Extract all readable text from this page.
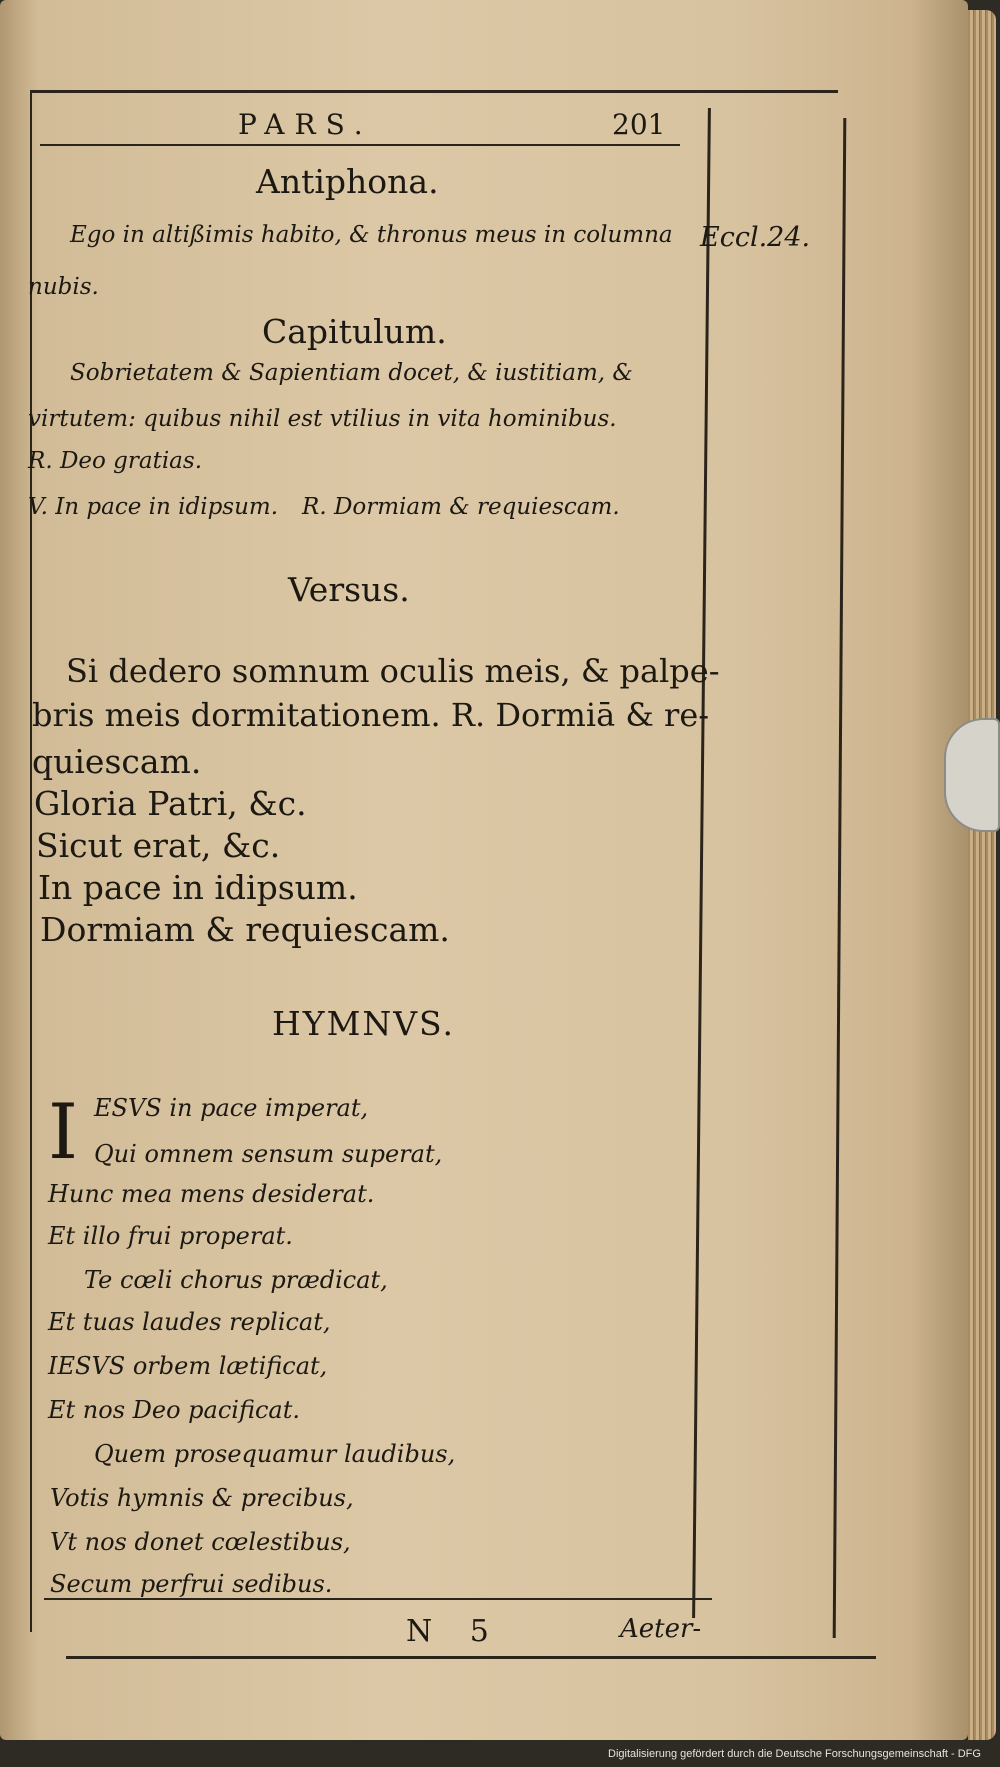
PARS.	201
Antiphona.
Ego in altißimis habito, & thronus meus in columna
nubis.
Eccl.24.
Capitulum.
Sobrietatem & Sapientiam docet, & iustitiam, &
virtutem: quibus nihil est vtilius in vita hominibus.
R. Deo gratias.
V. In pace in idipsum. R. Dormiam & requiescam.
Versus.
Si dedero somnum oculis meis, & palpe-
bris meis dormitationem. R. Dormiā & re-
quiescam.
Gloria Patri, &c.
Sicut erat, &c.
In pace in idipsum.
Dormiam & requiescam.
HYMNVS.
I ESVS in pace imperat,
Qui omnem sensum superat,
Hunc mea mens desiderat.
Et illo frui properat.
Te cœli chorus prædicat,
Et tuas laudes replicat,
IESVS orbem lætificat,
Et nos Deo pacificat.
Quem prosequamur laudibus,
Votis hymnis & precibus,
Vt nos donet cœlestibus,
Secum perfrui sedibus.
N 5	Aeter-
Digitalisierung gefördert durch die Deutsche Forschungsgemeinschaft - DFG
